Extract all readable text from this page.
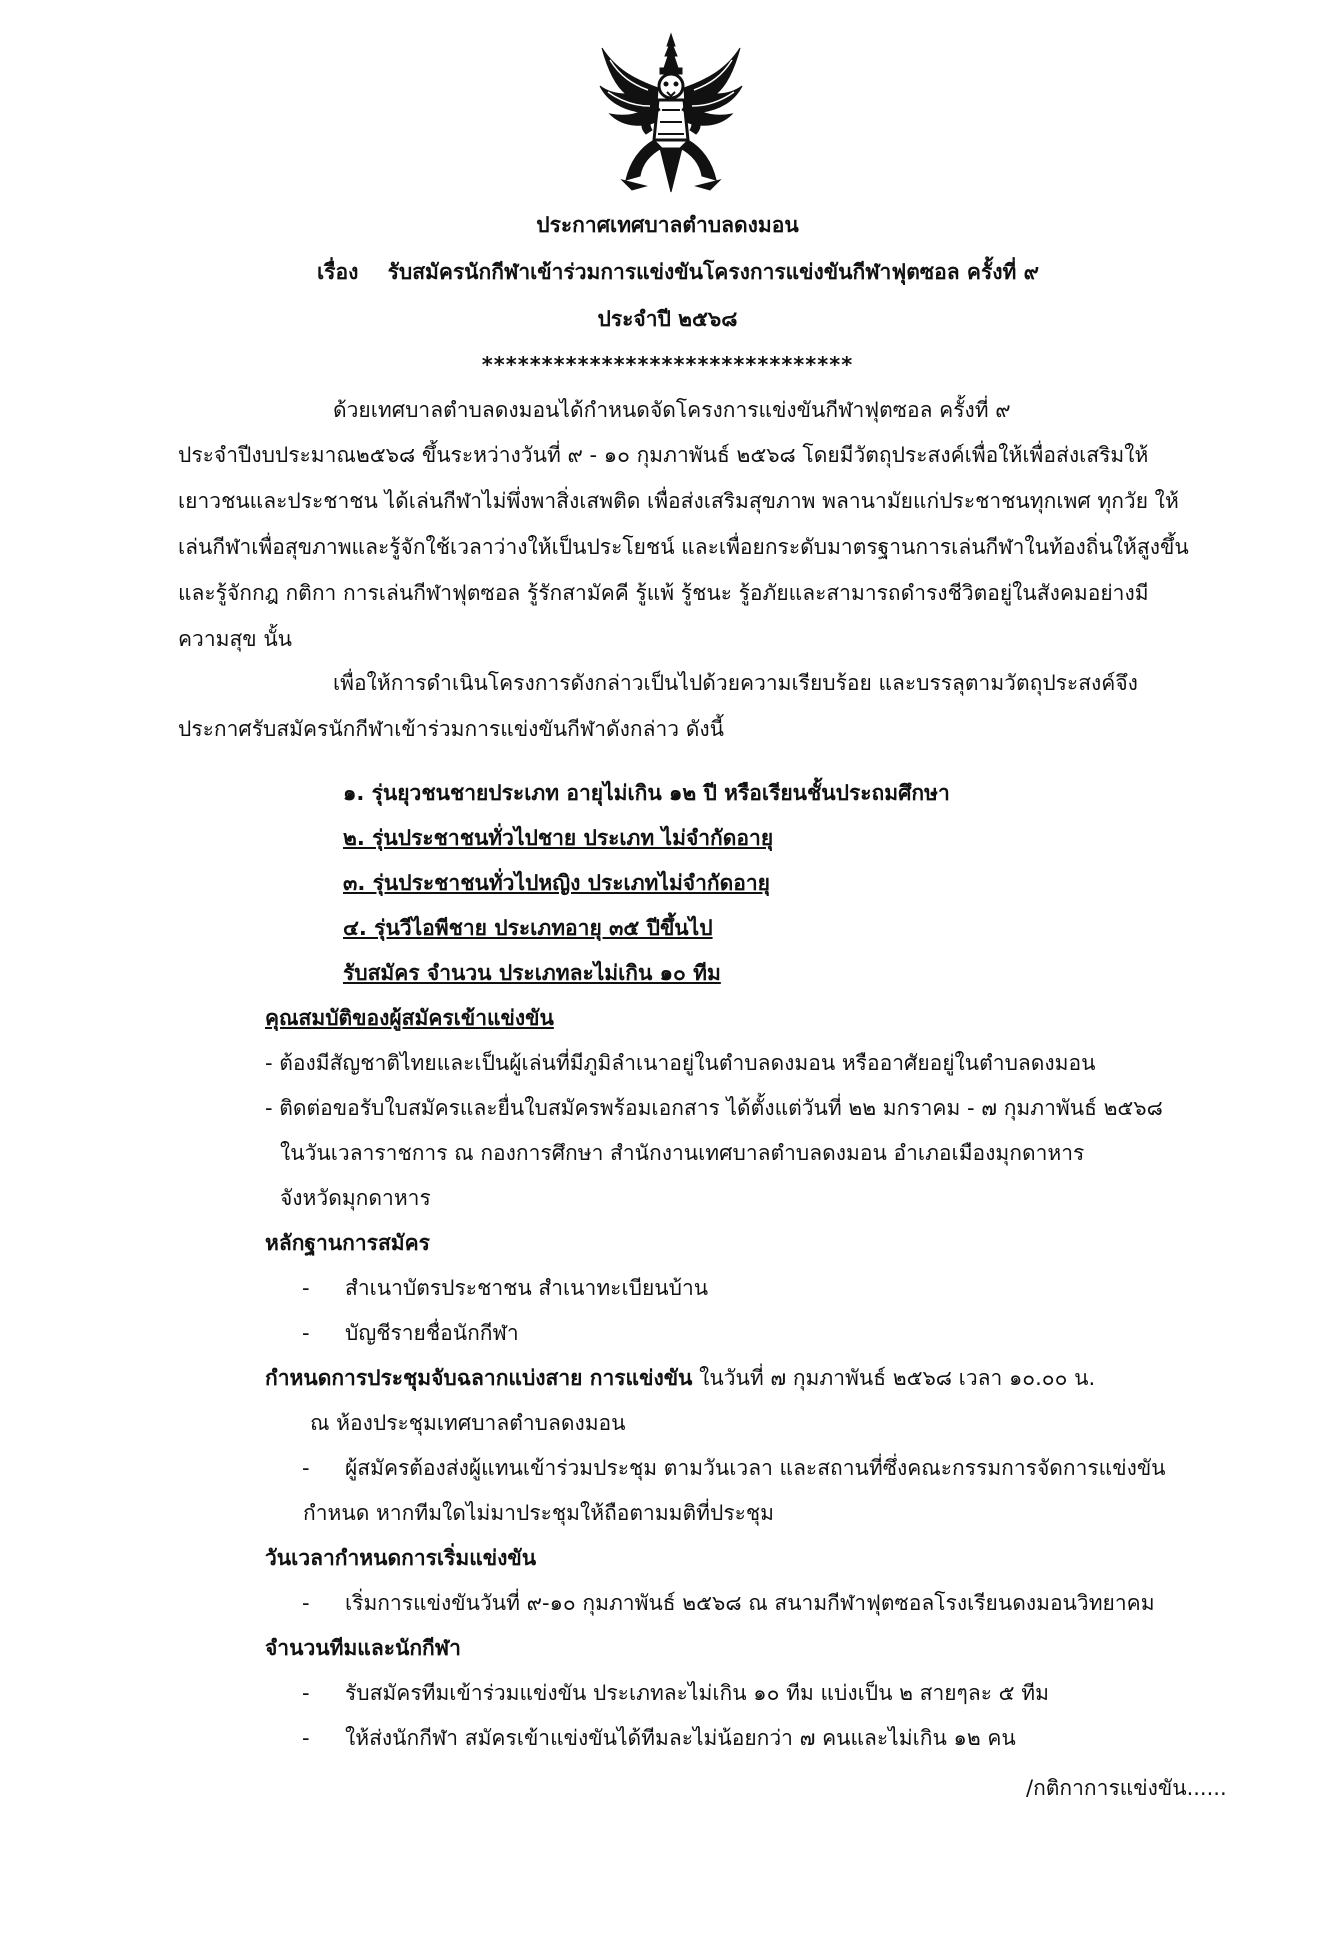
ประกาศเทศบาลตำบลดงมอน
เรื่อง รับสมัครนักกีฬาเข้าร่วมการแข่งขันโครงการแข่งขันกีฬาฟุตซอล ครั้งที่ ๙
ประจำปี ๒๕๖๘
*******************************
ด้วยเทศบาลตำบลดงมอนได้กำหนดจัดโครงการแข่งขันกีฬาฟุตซอล ครั้งที่ ๙
ประจำปีงบประมาณ๒๕๖๘ ขึ้นระหว่างวันที่ ๙ - ๑๐ กุมภาพันธ์ ๒๕๖๘ โดยมีวัตถุประสงค์เพื่อให้เพื่อส่งเสริมให้
เยาวชนและประชาชน ได้เล่นกีฬาไม่พึ่งพาสิ่งเสพติด เพื่อส่งเสริมสุขภาพ พลานามัยแก่ประชาชนทุกเพศ ทุกวัย ให้
เล่นกีฬาเพื่อสุขภาพและรู้จักใช้เวลาว่างให้เป็นประโยชน์ และเพื่อยกระดับมาตรฐานการเล่นกีฬาในท้องถิ่นให้สูงขึ้น
และรู้จักกฎ กติกา การเล่นกีฬาฟุตซอล รู้รักสามัคคี รู้แพ้ รู้ชนะ รู้อภัยและสามารถดำรงชีวิตอยู่ในสังคมอย่างมี
ความสุข นั้น
เพื่อให้การดำเนินโครงการดังกล่าวเป็นไปด้วยความเรียบร้อย และบรรลุตามวัตถุประสงค์จึง
ประกาศรับสมัครนักกีฬาเข้าร่วมการแข่งขันกีฬาดังกล่าว ดังนี้
๑. รุ่นยุวชนชายประเภท อายุไม่เกิน ๑๒ ปี หรือเรียนชั้นประถมศึกษา
๒. รุ่นประชาชนทั่วไปชาย ประเภท ไม่จำกัดอายุ
๓. รุ่นประชาชนทั่วไปหญิง ประเภทไม่จำกัดอายุ
๔. รุ่นวีไอพีชาย ประเภทอายุ ๓๕ ปีขึ้นไป
รับสมัคร จำนวน ประเภทละไม่เกิน ๑๐ ทีม
คุณสมบัติของผู้สมัครเข้าแข่งขัน
- ต้องมีสัญชาติไทยและเป็นผู้เล่นที่มีภูมิลำเนาอยู่ในตำบลดงมอน หรืออาศัยอยู่ในตำบลดงมอน
- ติดต่อขอรับใบสมัครและยื่นใบสมัครพร้อมเอกสาร ได้ตั้งแต่วันที่ ๒๒ มกราคม - ๗ กุมภาพันธ์ ๒๕๖๘
ในวันเวลาราชการ ณ กองการศึกษา สำนักงานเทศบาลตำบลดงมอน อำเภอเมืองมุกดาหาร
จังหวัดมุกดาหาร
หลักฐานการสมัคร
- สำเนาบัตรประชาชน สำเนาทะเบียนบ้าน
- บัญชีรายชื่อนักกีฬา
กำหนดการประชุมจับฉลากแบ่งสาย การแข่งขัน ในวันที่ ๗ กุมภาพันธ์ ๒๕๖๘ เวลา ๑๐.๐๐ น.
ณ ห้องประชุมเทศบาลตำบลดงมอน
- ผู้สมัครต้องส่งผู้แทนเข้าร่วมประชุม ตามวันเวลา และสถานที่ซึ่งคณะกรรมการจัดการแข่งขัน
กำหนด หากทีมใดไม่มาประชุมให้ถือตามมติที่ประชุม
วันเวลากำหนดการเริ่มแข่งขัน
- เริ่มการแข่งขันวันที่ ๙-๑๐ กุมภาพันธ์ ๒๕๖๘ ณ สนามกีฬาฟุตซอลโรงเรียนดงมอนวิทยาคม
จำนวนทีมและนักกีฬา
- รับสมัครทีมเข้าร่วมแข่งขัน ประเภทละไม่เกิน ๑๐ ทีม แบ่งเป็น ๒ สายๆละ ๕ ทีม
- ให้ส่งนักกีฬา สมัครเข้าแข่งขันได้ทีมละไม่น้อยกว่า ๗ คนและไม่เกิน ๑๒ คน
/กติกาการแข่งขัน......
